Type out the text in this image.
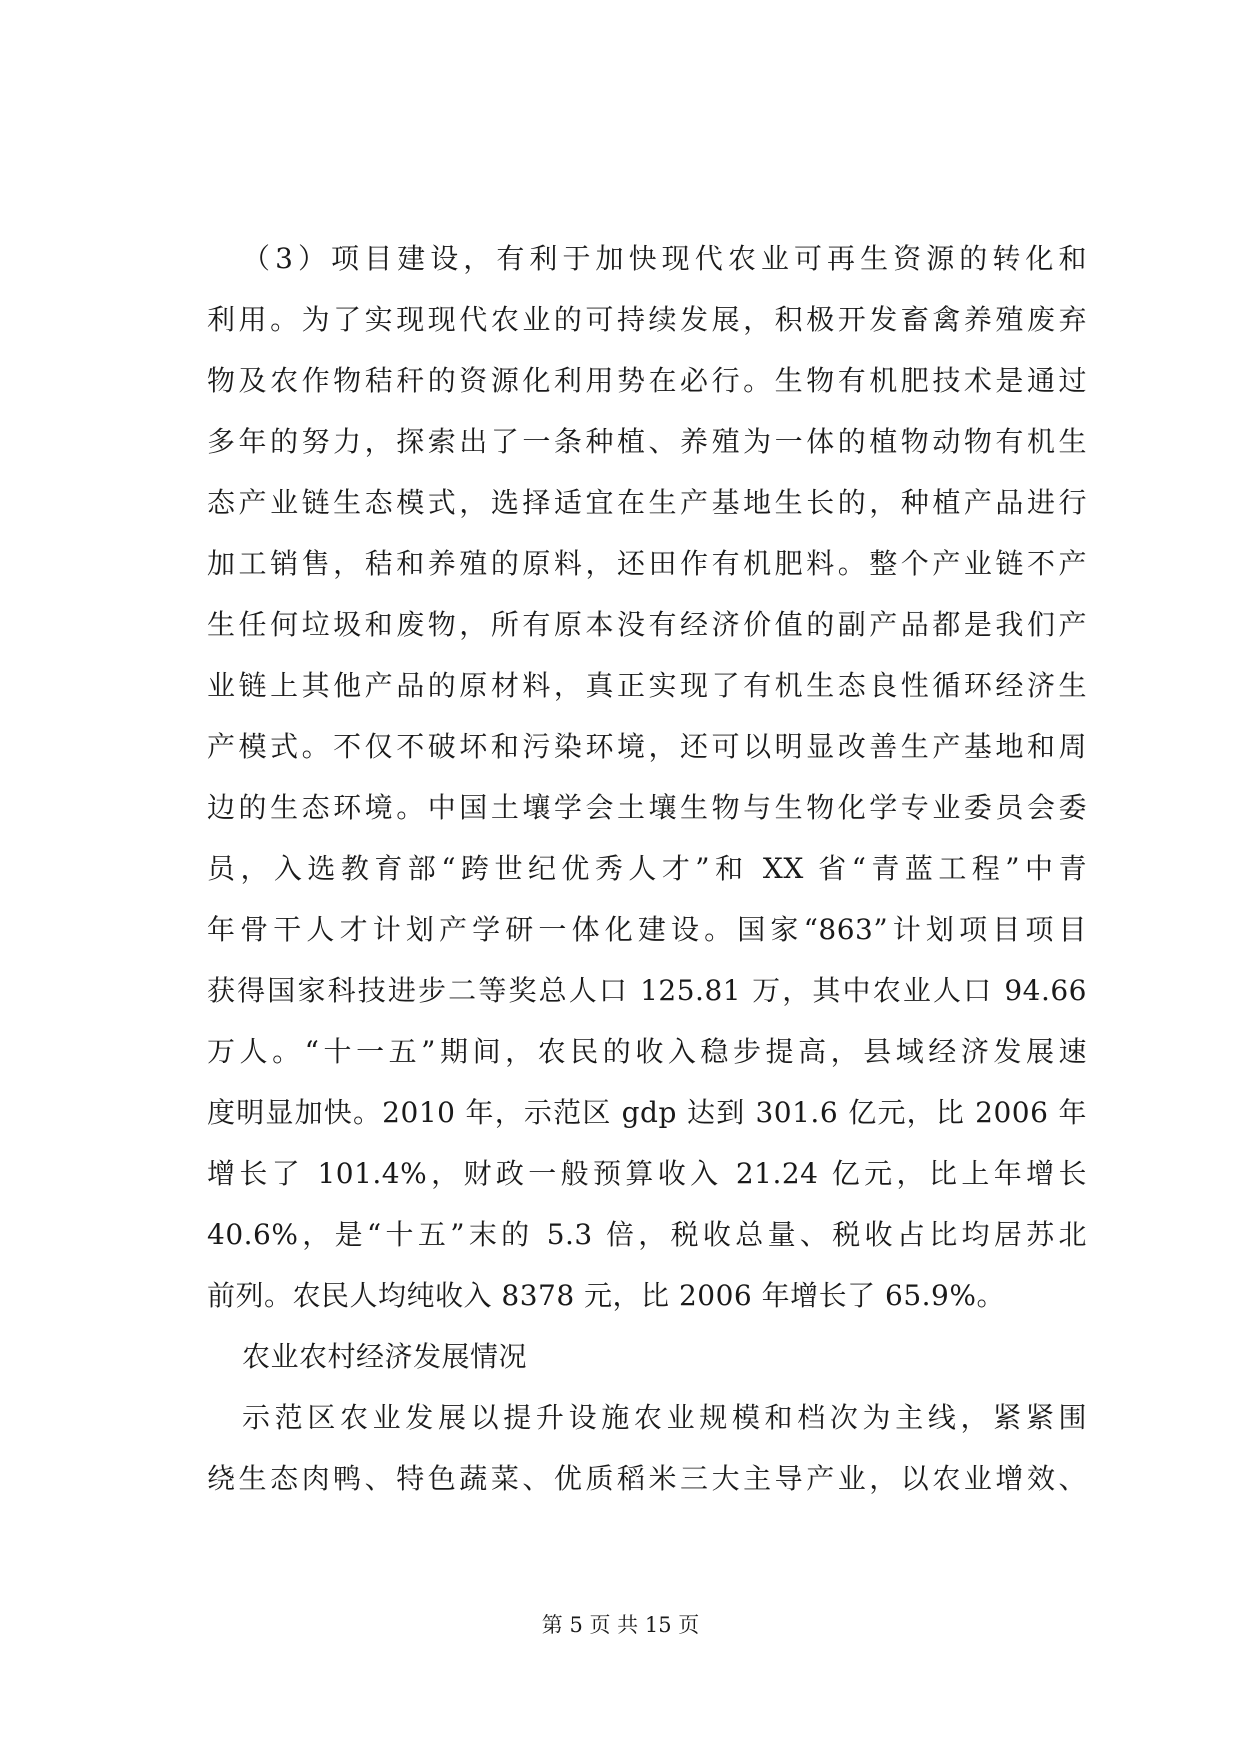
（3）项目建设，有利于加快现代农业可再生资源的转化和
利用。为了实现现代农业的可持续发展，积极开发畜禽养殖废弃
物及农作物秸秆的资源化利用势在必行。生物有机肥技术是通过
多年的努力，探索出了一条种植、养殖为一体的植物动物有机生
态产业链生态模式，选择适宜在生产基地生长的，种植产品进行
加工销售，秸和养殖的原料，还田作有机肥料。整个产业链不产
生任何垃圾和废物，所有原本没有经济价值的副产品都是我们产
业链上其他产品的原材料，真正实现了有机生态良性循环经济生
产模式。不仅不破坏和污染环境，还可以明显改善生产基地和周
边的生态环境。中国土壤学会土壤生物与生物化学专业委员会委
员，入选教育部“跨世纪优秀人才”和 XX 省“青蓝工程”中青
年骨干人才计划产学研一体化建设。国家“863”计划项目项目
获得国家科技进步二等奖总人口 125.81 万，其中农业人口 94.66
万人。“十一五”期间，农民的收入稳步提高，县域经济发展速
度明显加快。2010 年，示范区 gdp 达到 301.6 亿元，比 2006 年
增长了 101.4%，财政一般预算收入 21.24 亿元，比上年增长
40.6%，是“十五”末的 5.3 倍，税收总量、税收占比均居苏北
前列。农民人均纯收入 8378 元，比 2006 年增长了 65.9%。
农业农村经济发展情况
示范区农业发展以提升设施农业规模和档次为主线，紧紧围
绕生态肉鸭、特色蔬菜、优质稻米三大主导产业，以农业增效、
第 5 页 共 15 页
